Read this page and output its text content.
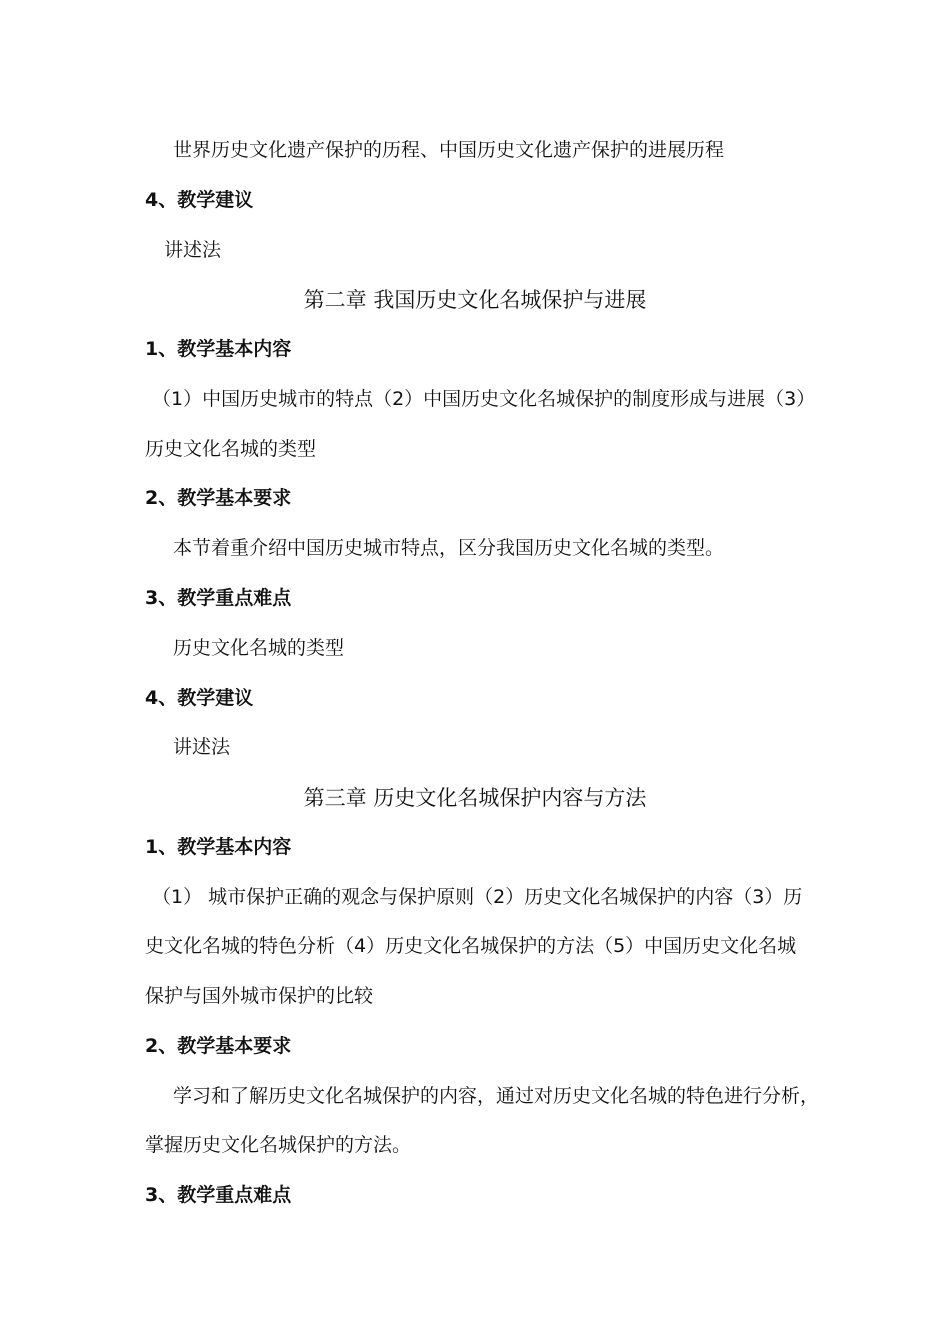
世界历史文化遗产保护的历程、中国历史文化遗产保护的进展历程
4、教学建议
讲述法
第二章 我国历史文化名城保护与进展
1、教学基本内容
（1）中国历史城市的特点（2）中国历史文化名城保护的制度形成与进展（3）
历史文化名城的类型
2、教学基本要求
本节着重介绍中国历史城市特点，区分我国历史文化名城的类型。
3、教学重点难点
历史文化名城的类型
4、教学建议
讲述法
第三章 历史文化名城保护内容与方法
1、教学基本内容
（1） 城市保护正确的观念与保护原则（2）历史文化名城保护的内容（3）历
史文化名城的特色分析（4）历史文化名城保护的方法（5）中国历史文化名城
保护与国外城市保护的比较
2、教学基本要求
学习和了解历史文化名城保护的内容，通过对历史文化名城的特色进行分析，
掌握历史文化名城保护的方法。
3、教学重点难点
